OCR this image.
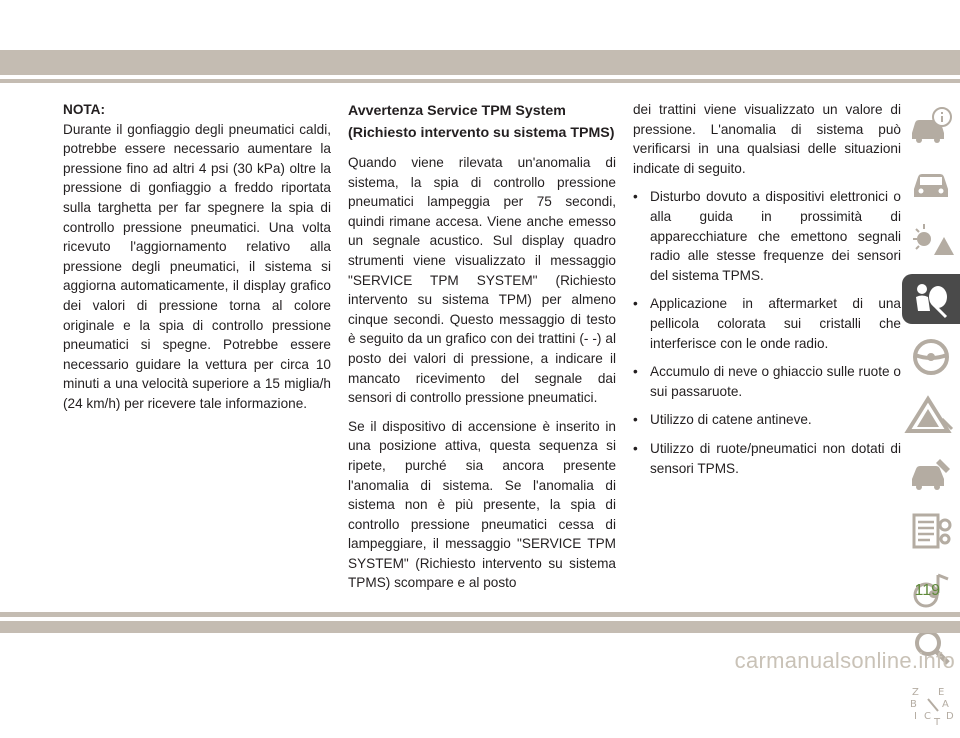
NOTA:
Durante il gonfiaggio degli pneumatici caldi, potrebbe essere necessario aumentare la pressione fino ad altri 4 psi (30 kPa) oltre la pressione di gonfiaggio a freddo riportata sulla targhetta per far spegnere la spia di controllo pressione pneumatici. Una volta ricevuto l'aggiornamento relativo alla pressione degli pneumatici, il sistema si aggiorna automaticamente, il display grafico dei valori di pressione torna al colore originale e la spia di controllo pressione pneumatici si spegne. Potrebbe essere necessario guidare la vettura per circa 10 minuti a una velocità superiore a 15 miglia/h (24 km/h) per ricevere tale informazione.
Avvertenza Service TPM System (Richiesto intervento su sistema TPMS)
Quando viene rilevata un'anomalia di sistema, la spia di controllo pressione pneumatici lampeggia per 75 secondi, quindi rimane accesa. Viene anche emesso un segnale acustico. Sul display quadro strumenti viene visualizzato il messaggio "SERVICE TPM SYSTEM" (Richiesto intervento su sistema TPM) per almeno cinque secondi. Questo messaggio di testo è seguito da un grafico con dei trattini (- -) al posto dei valori di pressione, a indicare il mancato ricevimento del segnale dai sensori di controllo pressione pneumatici.
Se il dispositivo di accensione è inserito in una posizione attiva, questa sequenza si ripete, purché sia ancora presente l'anomalia di sistema. Se l'anomalia di sistema non è più presente, la spia di controllo pressione pneumatici cessa di lampeggiare, il messaggio "SERVICE TPM SYSTEM" (Richiesto intervento su sistema TPMS) scompare e al posto
dei trattini viene visualizzato un valore di pressione. L'anomalia di sistema può verificarsi in una qualsiasi delle situazioni indicate di seguito.
• Disturbo dovuto a dispositivi elettronici o alla guida in prossimità di apparecchiature che emettono segnali radio alle stesse frequenze dei sensori del sistema TPMS.
• Applicazione in aftermarket di una pellicola colorata sui cristalli che interferisce con le onde radio.
• Accumulo di neve o ghiaccio sulle ruote o sui passaruote.
• Utilizzo di catene antineve.
• Utilizzo di ruote/pneumatici non dotati di sensori TPMS.
Z E
B	A
I C D
T
119
carmanualsonline.info
